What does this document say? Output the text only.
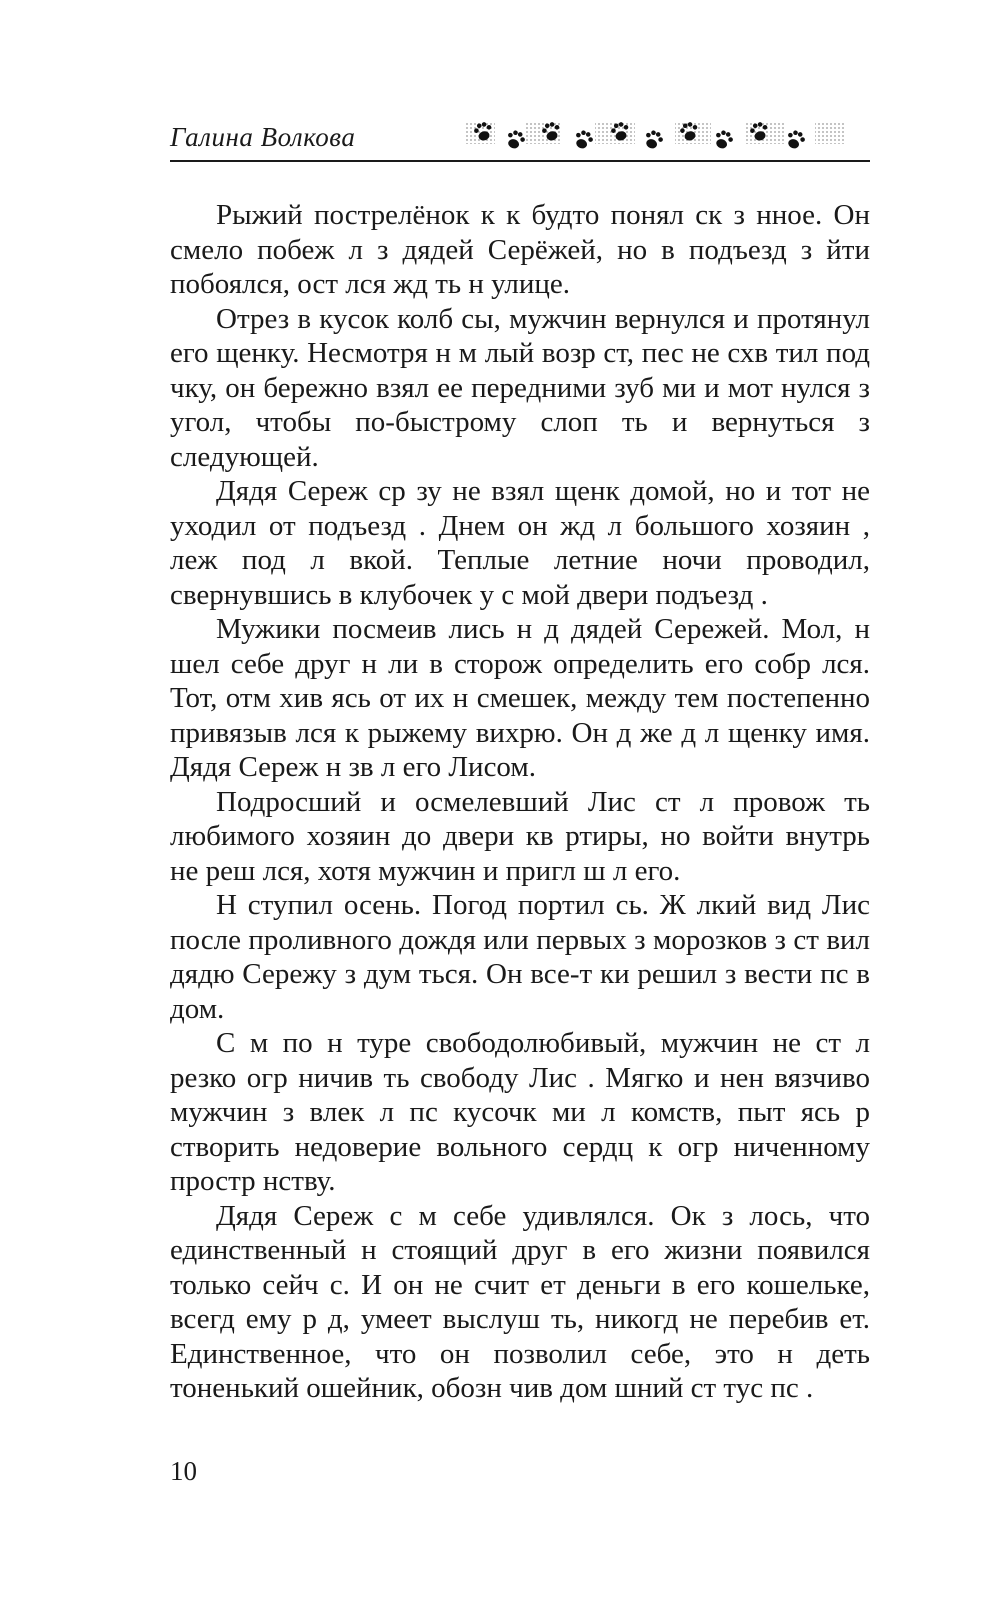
Галина Волкова

Рыжий пострелёнок к к будто понял ск з нное. Он смело побеж л з дядей Серёжей, но в подъезд з йти побоялся, ост лся жд ть н улице.

Отрез в кусок колб сы, мужчин вернулся и протянул его щенку. Несмотря н м лый возр ст, пес не схв тил под чку, он бережно взял ее передними зуб ми и мот нулся з угол, чтобы по-быстрому слоп ть и вернуться з следующей.

Дядя Сереж ср зу не взял щенк домой, но и тот не уходил от подъезд . Днем он жд л большого хозяин , леж под л вкой. Теплые летние ночи проводил, свернувшись в клубочек у с мой двери подъезд .

Мужики посмеив лись н д дядей Сережей. Мол, н шел себе друг н ли в сторож определить его собр лся. Тот, отм хив ясь от их н смешек, между тем постепенно привязыв лся к рыжему вихрю. Он д же д л щенку имя. Дядя Сереж н зв л его Лисом.

Подросший и осмелевший Лис ст л провож ть любимого хозяин до двери кв ртиры, но войти внутрь не реш лся, хотя мужчин и пригл ш л его.

Н ступил осень. Погод портил сь. Ж лкий вид Лис после проливного дождя или первых з морозков з ст вил дядю Сережу з дум ться. Он все-т ки решил з вести пс в дом.

С м по н туре свободолюбивый, мужчин не ст л резко огр ничив ть свободу Лис . Мягко и нен вязчиво мужчин з влек л пс кусочк ми л комств, пыт ясь р створить недоверие вольного сердц к огр ниченному простр нству.

Дядя Сереж с м себе удивлялся. Ок з лось, что единственный н стоящий друг в его жизни появился только сейч с. И он не счит ет деньги в его кошельке, всегд ему р д, умеет выслуш ть, никогд не перебив ет. Единственное, что он позволил себе, это н деть тоненький ошейник, обозн чив дом шний ст тус пс .

10
